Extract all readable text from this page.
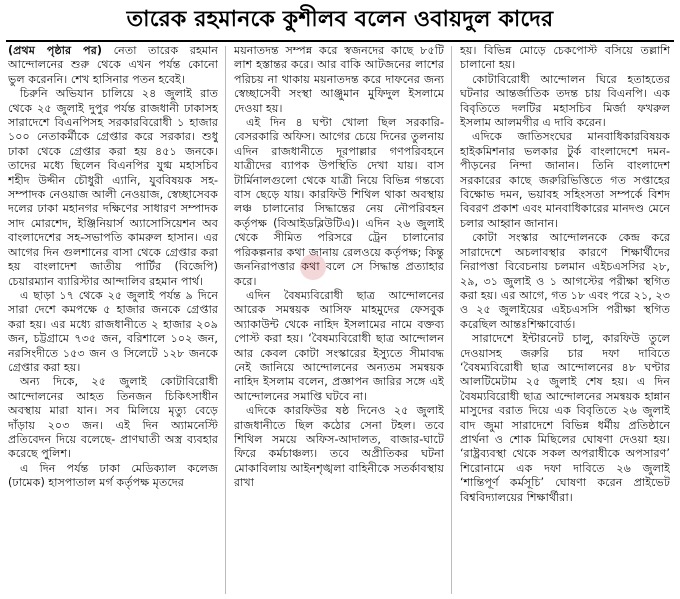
তারেক রহমানকে কুশীলব বলেন ওবায়দুল কাদের

(প্রথম পৃষ্ঠার পর) নেতা তারেক রহমান আন্দোলনের শুরু থেকে এখন পর্যন্ত কোনো ভুল করেননি। শেখ হাসিনার পতন হবেই।

চিরুনি অভিযান চালিয়ে ২৪ জুলাই রাত থেকে ২৫ জুলাই দুপুর পর্যন্ত রাজধানী ঢাকাসহ সারাদেশে বিএনপিসহ সরকারবিরোধী ১ হাজার ১০০ নেতাকর্মীকে গ্রেপ্তার করে সরকার। শুধু ঢাকা থেকে গ্রেপ্তার করা হয় ৪৫১ জনকে। তাদের মধ্যে ছিলেন বিএনপির যুগ্ম মহাসচিব শহীদ উদ্দীন চৌধুরী এ্যানি, যুববিষয়ক সহ-সম্পাদক নেওয়াজ আলী নেওয়াজ, স্বেচ্ছাসেবক দলের ঢাকা মহানগর দক্ষিণের সাধারণ সম্পাদক সাদ মোরশেদ, ইঞ্জিনিয়ার্স অ্যাসোসিয়েশন অব বাংলাদেশের সহ-সভাপতি কামরুল হাসান। এর আগের দিন গুলশানের বাসা থেকে গ্রেপ্তার করা হয় বাংলাদেশ জাতীয় পার্টির (বিজেপি) চেয়ারম্যান ব্যারিস্টার আন্দালিব রহমান পার্থ।

এ ছাড়া ১৭ থেকে ২৫ জুলাই পর্যন্ত ৯ দিনে সারা দেশে কমপক্ষে ৫ হাজার জনকে গ্রেপ্তার করা হয়। এর মধ্যে রাজধানীতে ২ হাজার ২০৯ জন, চট্টগ্রামে ৭৩৫ জন, বরিশালে ১০২ জন, নরসিংদীতে ১৫৩ জন ও সিলেটে ১২৮ জনকে গ্রেপ্তার করা হয়।

অন্য দিকে, ২৫ জুলাই কোটাবিরোধী আন্দোলনের আহত তিনজন চিকিৎসাধীন অবস্থায় মারা যান। সব মিলিয়ে মৃত্যু বেড়ে দাঁড়ায় ২০৩ জন। এই দিন অ্যামনেস্টি প্রতিবেদন দিয়ে বলেছে- প্রাণঘাতী অস্ত্র ব্যবহার করেছে পুলিশ।

এ দিন পর্যন্ত ঢাকা মেডিক্যাল কলেজ (ঢামেক) হাসপাতাল মর্গ কর্তৃপক্ষ মৃতদের

ময়নাতদন্ত সম্পন্ন করে স্বজনদের কাছে ৮৫টি লাশ হস্তান্তর করে। আর বাকি আটজনের লাশের পরিচয় না থাকায় ময়নাতদন্ত করে দাফনের জন্য স্বেচ্ছাসেবী সংস্থা আঞ্জুমান মুফিদুল ইসলামে দেওয়া হয়।

এই দিন ৪ ঘণ্টা খোলা ছিল সরকারি-বেসরকারি অফিস। আগের চেয়ে দিনের তুলনায় এদিন রাজধানীতে দূরপাল্লার গণপরিবহনে যাত্রীদের ব্যাপক উপস্থিতি দেখা যায়। বাস টার্মিনালগুলো থেকে যাত্রী নিয়ে বিভিন্ন গন্তব্যে বাস ছেড়ে যায়। কারফিউ শিথিল থাকা অবস্থায় লঞ্চ চালানোর সিদ্ধান্তের নেয় নৌপরিবহন কর্তৃপক্ষ (বিআইডব্লিউটিএ)। এদিন ২৬ জুলাই থেকে সীমিত পরিসরে ট্রেন চালানোর পরিকল্পনার কথা জানায় রেলওয়ে কর্তৃপক্ষ; কিন্তু জননিরাপত্তার কথা বলে সে সিদ্ধান্ত প্রত্যাহার করে।

এদিন বৈষম্যবিরোধী ছাত্র আন্দোলনের আরেক সমন্বয়ক আসিফ মাহমুদের ফেসবুক অ্যাকাউন্ট থেকে নাহিদ ইসলামের নামে বক্তব্য পোস্ট করা হয়। ‘বৈষম্যবিরোধী ছাত্র আন্দোলন আর কেবল কোটা সংস্কারের ইস্যুতে সীমাবদ্ধ নেই জানিয়ে আন্দোলনের অন্যতম সমন্বয়ক নাহিদ ইসলাম বলেন, প্রজ্ঞাপন জারির সঙ্গে এই আন্দোলনের সমাপ্তি ঘটবে না।

এদিকে কারফিউর ষষ্ঠ দিনেও ২৫ জুলাই রাজধানীতে ছিল কঠোর সেনা টহল। তবে শিথিল সময়ে অফিস-আদালত, বাজার-ঘাটে ফিরে কর্মচাঞ্চল্য। তবে অপ্রীতিকর ঘটনা মোকাবিলায় আইনশৃঙ্খলা বাহিনীকে সতর্কাবস্থায় রাখা

হয়। বিভিন্ন মোড়ে চেকপোস্ট বসিয়ে তল্লাশি চালানো হয়।

কোটাবিরোধী আন্দোলন ঘিরে হতাহতের ঘটনার আন্তর্জাতিক তদন্ত চায় বিএনপি। এক বিবৃতিতে দলটির মহাসচিব মির্জা ফখরুল ইসলাম আলমগীর এ দাবি করেন।

এদিকে জাতিসংঘের মানবাধিকারবিষয়ক হাইকমিশনার ভলকার টুর্ক বাংলাদেশে দমন-পীড়নের নিন্দা জানান। তিনি বাংলাদেশ সরকারের কাছে জরুরিভিত্তিতে গত সপ্তাহের বিক্ষোভ দমন, ভয়াবহ সহিংসতা সম্পর্কে বিশদ বিবরণ প্রকাশ এবং মানবাধিকারের মানদণ্ড মেনে চলার আহ্বান জানান।

কোটা সংস্কার আন্দোলনকে কেন্দ্র করে সারাদেশে অচলাবস্থার কারণে শিক্ষার্থীদের নিরাপত্তা বিবেচনায় চলমান এইচএসসির ২৮, ২৯, ৩১ জুলাই ও ১ আগস্টের পরীক্ষা স্থগিত করা হয়। এর আগে, গত ১৮ এবং পরে ২১, ২৩ ও ২৫ জুলাইয়ের এইচএসসি পরীক্ষা স্থগিত করেছিল আন্তঃশিক্ষাবোর্ড।

সারাদেশে ইন্টারনেট চালু, কারফিউ তুলে দেওয়াসহ জরুরি চার দফা দাবিতে ‘বৈষম্যবিরোধী ছাত্র আন্দোলনের ৪৮ ঘণ্টার আলটিমেটাম ২৫ জুলাই শেষ হয়। এ দিন বৈষম্যবিরোধী ছাত্র আন্দোলনের সমন্বয়ক হান্নান মাসুদের বরাত দিয়ে এক বিবৃতিতে ২৬ জুলাই বাদ জুমা সারাদেশে বিভিন্ন ধর্মীয় প্রতিষ্ঠানে প্রার্থনা ও শোক মিছিলের ঘোষণা দেওয়া হয়। ‘রাষ্ট্রব্যবস্থা থেকে সকল অপরাধীকে অপসারণ’ শিরোনামে এক দফা দাবিতে ২৬ জুলাই ‘শান্তিপূর্ণ কর্মসূচি’ ঘোষণা করেন প্রাইভেট বিশ্ববিদ্যালয়ের শিক্ষার্থীরা।
